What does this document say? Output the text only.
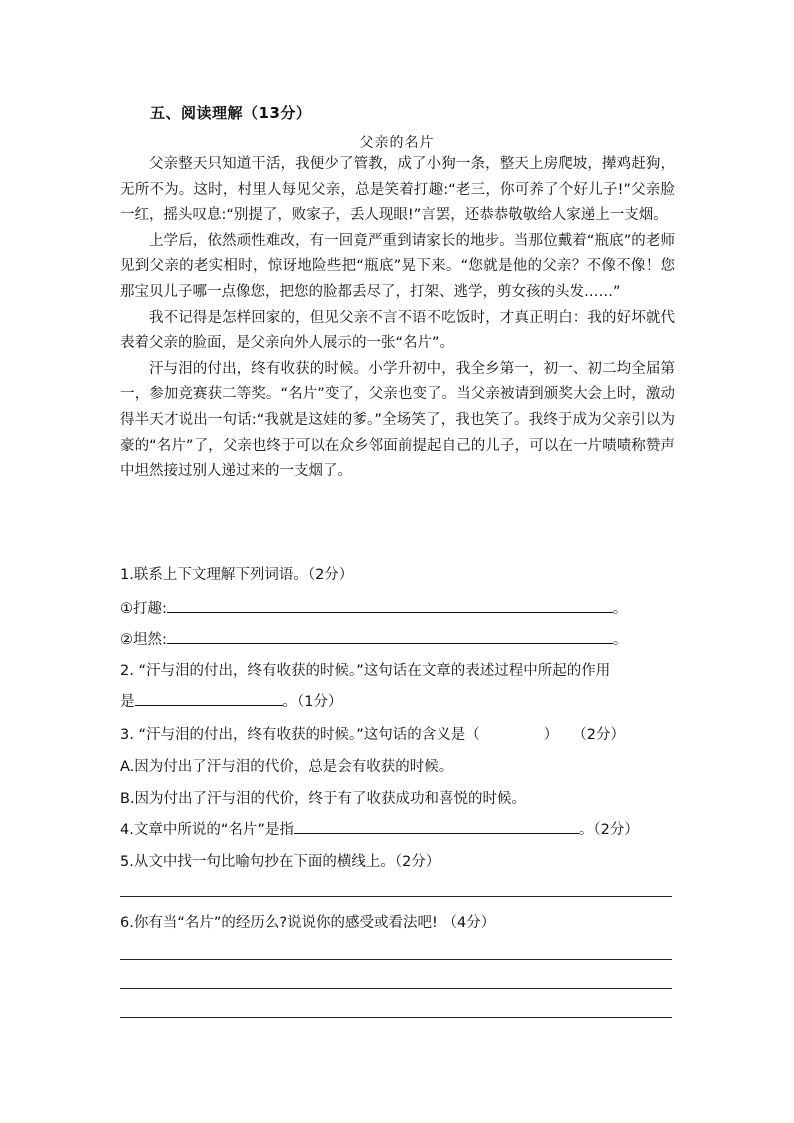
五、阅读理解（13分）
父亲的名片

父亲整天只知道干活，我便少了管教，成了小狗一条，整天上房爬坡，撵鸡赶狗，无所不为。这时，村里人每见父亲，总是笑着打趣:“老三，你可养了个好儿子!”父亲脸一红，摇头叹息:“别提了，败家子，丢人现眼!”言罢，还恭恭敬敬给人家递上一支烟。

上学后，依然顽性难改，有一回竟严重到请家长的地步。当那位戴着“瓶底”的老师见到父亲的老实相时，惊讶地险些把“瓶底”晃下来。“您就是他的父亲？不像不像！您那宝贝儿子哪一点像您，把您的脸都丢尽了，打架、逃学，剪女孩的头发……”

我不记得是怎样回家的，但见父亲不言不语不吃饭时，才真正明白：我的好坏就代表着父亲的脸面，是父亲向外人展示的一张“名片”。

汗与泪的付出，终有收获的时候。小学升初中，我全乡第一，初一、初二均全届第一，参加竞赛获二等奖。“名片”变了，父亲也变了。当父亲被请到颁奖大会上时，激动得半天才说出一句话:“我就是这娃的爹。”全场笑了，我也笑了。我终于成为父亲引以为豪的“名片”了，父亲也终于可以在众乡邻面前提起自己的儿子，可以在一片啧啧称赞声中坦然接过别人递过来的一支烟了。

1.联系上下文理解下列词语。（2分）
①打趣:	。
②坦然:	。
2. “汗与泪的付出，终有收获的时候。”这句话在文章的表述过程中所起的作用
是	。（1分）
3. “汗与泪的付出，终有收获的时候。”这句话的含义是（	） （2分）
A.因为付出了汗与泪的代价，总是会有收获的时候。
B.因为付出了汗与泪的代价，终于有了收获成功和喜悦的时候。
4.文章中所说的“名片”是指	。（2分）
5.从文中找一句比喻句抄在下面的横线上。（2分）
6.你有当“名片”的经历么?说说你的感受或看法吧! （4分）
